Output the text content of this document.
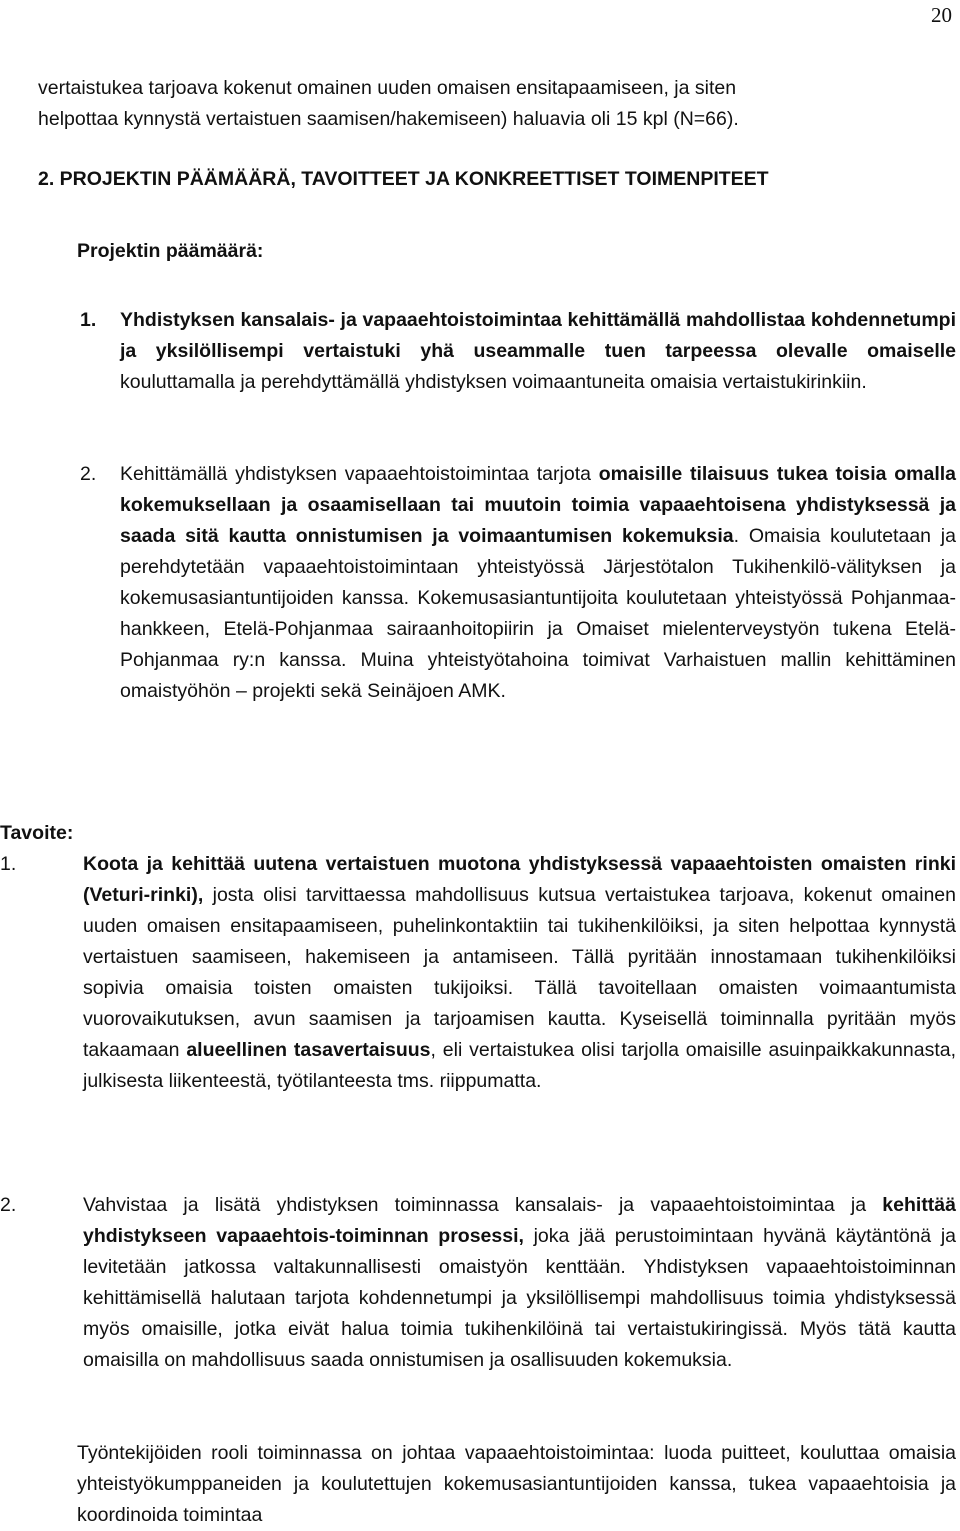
20
vertaistukea tarjoava kokenut omainen uuden omaisen ensitapaamiseen, ja siten
helpottaa kynnystä vertaistuen saamisen/hakemiseen) haluavia oli 15 kpl (N=66).
2. PROJEKTIN PÄÄMÄÄRÄ, TAVOITTEET JA KONKREETTISET TOIMENPITEET
Projektin päämäärä:
1. Yhdistyksen kansalais- ja vapaaehtoistoimintaa kehittämällä mahdollistaa kohdennetumpi ja yksilöllisempi vertaistuki yhä useammalle tuen tarpeessa olevalle omaiselle kouluttamalla ja perehdyttämällä yhdistyksen voimaantuneita omaisia vertaistukirinkiin.

2. Kehittämällä yhdistyksen vapaaehtoistoimintaa tarjota omaisille tilaisuus tukea toisia omalla kokemuksellaan ja osaamisellaan tai muutoin toimia vapaaehtoisena yhdistyksessä ja saada sitä kautta onnistumisen ja voimaantumisen kokemuksia. Omaisia koulutetaan ja perehdytetään vapaaehtoistoimintaan yhteistyössä Järjestötalon Tukihenkilö-välityksen ja kokemusasiantuntijoiden kanssa. Kokemusasiantuntijoita koulutetaan yhteistyössä Pohjanmaa-hankkeen, Etelä-Pohjanmaa sairaanhoitopiirin ja Omaiset mielenterveystyön tukena Etelä-Pohjanmaa ry:n kanssa. Muina yhteistyötahoina toimivat Varhaistuen mallin kehittäminen omaistyöhön – projekti sekä Seinäjoen AMK.

Tavoite:
1.	Koota ja kehittää uutena vertaistuen muotona yhdistyksessä vapaaehtoisten omaisten rinki (Veturi-rinki), josta olisi tarvittaessa mahdollisuus kutsua vertaistukea tarjoava, kokenut omainen uuden omaisen ensitapaamiseen, puhelinkontaktiin tai tukihenkilöiksi, ja siten helpottaa kynnystä vertaistuen saamiseen, hakemiseen ja antamiseen. Tällä pyritään innostamaan tukihenkilöiksi sopivia omaisia toisten omaisten tukijoiksi. Tällä tavoitellaan omaisten voimaantumista vuorovaikutuksen, avun saamisen ja tarjoamisen kautta. Kyseisellä toiminnalla pyritään myös takaamaan alueellinen tasavertaisuus, eli vertaistukea olisi tarjolla omaisille asuinpaikkakunnasta, julkisesta liikenteestä, työtilanteesta tms. riippumatta.

2.	Vahvistaa ja lisätä yhdistyksen toiminnassa kansalais- ja vapaaehtoistoimintaa ja kehittää yhdistykseen vapaaehtois-toiminnan prosessi, joka jää perustoimintaan hyvänä käytäntönä ja levitetään jatkossa valtakunnallisesti omaistyön kenttään. Yhdistyksen vapaaehtoistoiminnan kehittämisellä halutaan tarjota kohdennetumpi ja yksilöllisempi mahdollisuus toimia yhdistyksessä myös omaisille, jotka eivät halua toimia tukihenkilöinä tai vertaistukiringissä. Myös tätä kautta omaisilla on mahdollisuus saada onnistumisen ja osallisuuden kokemuksia.

Työntekijöiden rooli toiminnassa on johtaa vapaaehtoistoimintaa: luoda puitteet, kouluttaa omaisia yhteistyökumppaneiden ja koulutettujen kokemusasiantuntijoiden kanssa, tukea vapaaehtoisia ja koordinoida toimintaa
